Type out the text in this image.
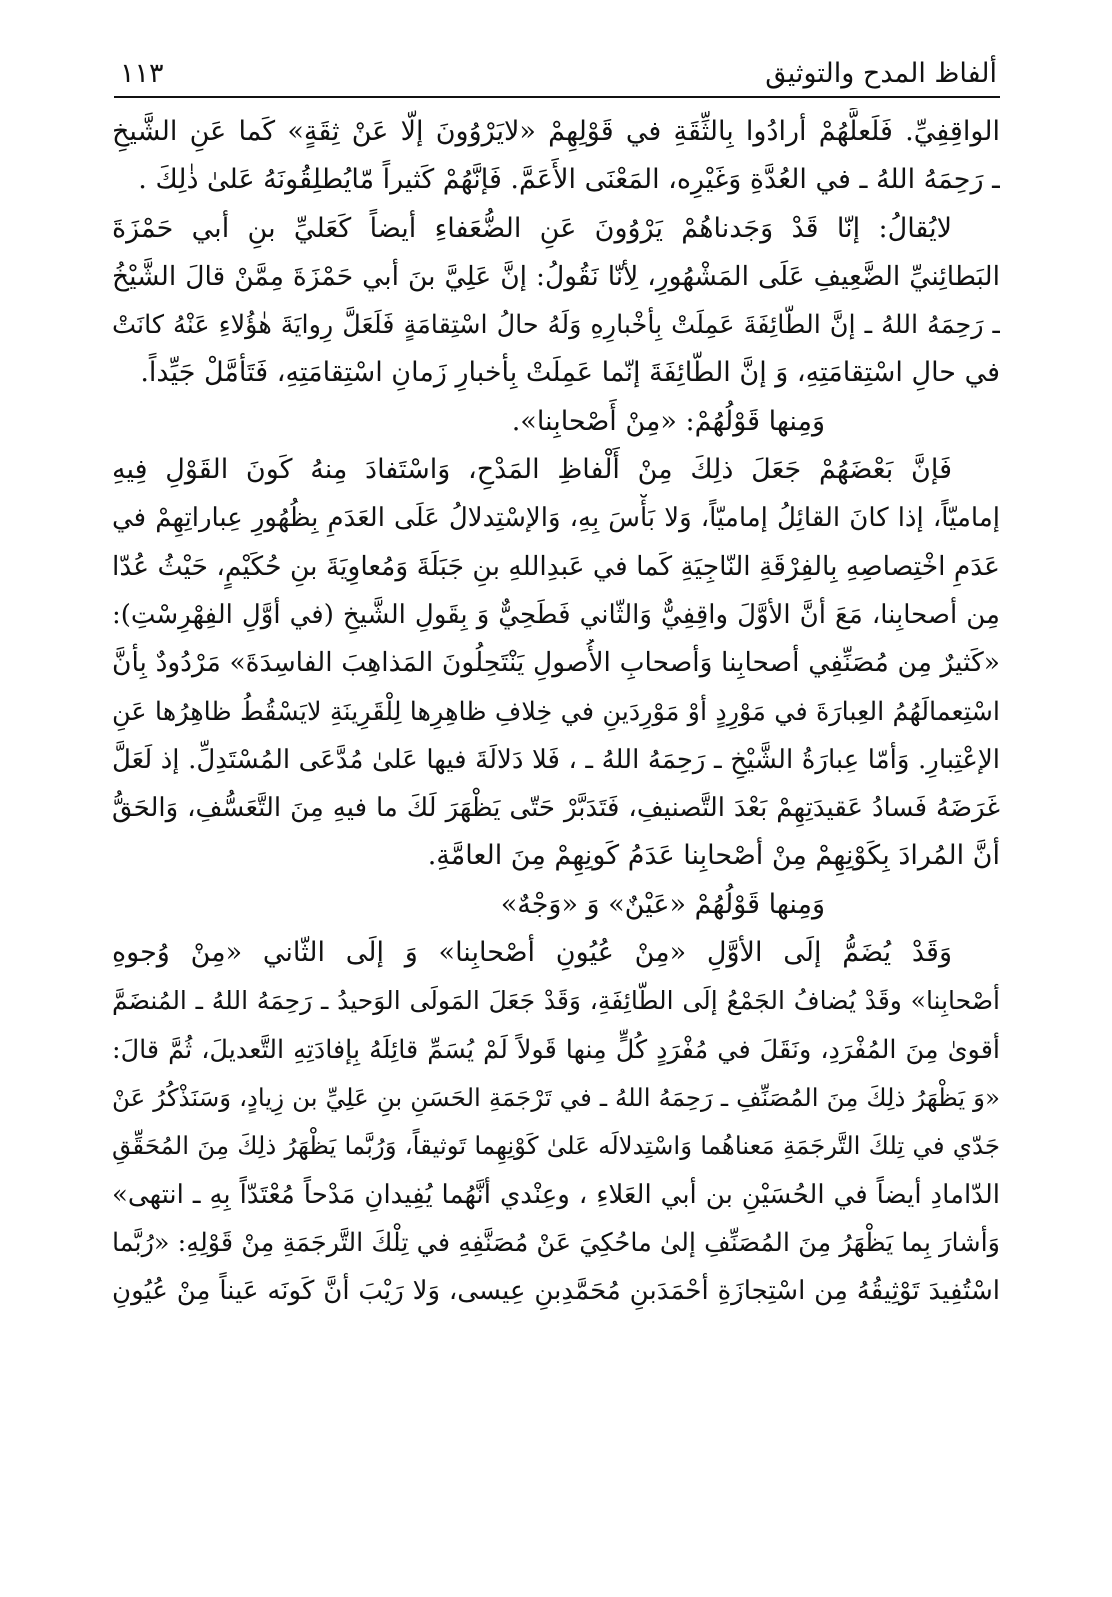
ألفاظ المدح والتوثيق
١١٣
الواقِفِيِّ. فَلَعلَّهُمْ أرادُوا بِالثِّقَةِ في قَوْلِهِمْ «لايَرْوُونَ إلّا عَنْ ثِقَةٍ» كَما عَنِ الشَّيخِ
ـ رَحِمَهُ اللهُ ـ في العُدَّةِ وَغَيْرِه، المَعْنَى الأَعَمَّ. فَإنَّهُمْ كَثيراً مّايُطلِقُونَهُ عَلىٰ ذٰلِكَ .
لايُقالُ: إنّا قَدْ وَجَدناهُمْ يَرْوُونَ عَنِ الضُّعَفاءِ أيضاً كَعَليِّ بنِ أبي حَمْزَةَ
البَطائِنيِّ الضَّعِيفِ عَلَى المَشْهُورِ، لِأنّا نَقُولُ: إنَّ عَلِيَّ بنَ أبي حَمْزَةَ مِمَّنْ قالَ الشَّيْخُ
ـ رَحِمَهُ اللهُ ـ إنَّ الطّائِفَةَ عَمِلَتْ بِأخْبارِهِ وَلَهُ حالُ اسْتِقامَةٍ فَلَعَلَّ رِوايَةَ هٰؤُلاءِ عَنْهُ كانَتْ
في حالِ اسْتِقامَتِهِ، وَ إنَّ الطّائِفَةَ إنّما عَمِلَتْ بِأخبارِ زَمانِ اسْتِقامَتِهِ، فَتَأمَّلْ جَيِّداً.
وَمِنها قَوْلُهُمْ: «مِنْ أَصْحابِنا».
فَإنَّ بَعْضَهُمْ جَعَلَ ذلِكَ مِنْ أَلْفاظِ المَدْحِ، وَاسْتَفادَ مِنهُ كَونَ القَوْلِ فِيهِ
إماميّاً، إذا كانَ القائِلُ إماميّاً، وَلا بَأْسَ بِهِ، وَالإسْتِدلالُ عَلَى العَدَمِ بِظُهُورِ عِباراتِهِمْ في
عَدَمِ اخْتِصاصِهِ بِالفِرْقَةِ النّاجِيَةِ كَما في عَبدِاللهِ بنِ جَبَلَةَ وَمُعاوِيَةَ بنِ حُكَيْمٍ، حَيْثُ عُدّا
مِن أصحابِنا، مَعَ أنَّ الأوَّلَ واقِفِيٌّ وَالثّاني فَطَحِيٌّ وَ بِقَولِ الشَّيخِ (في أوَّلِ الفِهْرِسْتِ):
«كَثيرٌ مِن مُصَنِّفِي أصحابِنا وَأصحابِ الأُصولِ يَنْتَحِلُونَ المَذاهِبَ الفاسِدَةَ» مَرْدُودٌ بِأنَّ
اسْتِعمالَهُمُ العِبارَةَ في مَوْرِدٍ أوْ مَوْرِدَينِ في خِلافِ ظاهِرِها لِلْقَرِينَةِ لايَسْقُطُ ظاهِرُها عَنِ
الإعْتِبارِ. وَأمّا عِبارَةُ الشَّيْخِ ـ رَحِمَهُ اللهُ ـ ، فَلا دَلالَةَ فيها عَلىٰ مُدَّعَى المُسْتَدِلِّ. إذ لَعَلَّ
غَرَضَهُ فَسادُ عَقيدَتِهِمْ بَعْدَ التَّصنيفِ، فَتَدَبَّرْ حَتّى يَظْهَرَ لَكَ ما فيهِ مِنَ التَّعَسُّفِ، وَالحَقُّ
أنَّ المُرادَ بِكَوْنِهِمْ مِنْ أصْحابِنا عَدَمُ كَونِهِمْ مِنَ العامَّةِ.
وَمِنها قَوْلُهُمْ «عَيْنٌ» وَ «وَجْهٌ»
وَقَدْ يُضَمُّ إلَى الأوَّلِ «مِنْ عُيُونِ أصْحابِنا» وَ إلَى الثّاني «مِنْ وُجوهِ
أصْحابِنا» وقَدْ يُضافُ الجَمْعُ إلَى الطّائِفَةِ، وَقَدْ جَعَلَ المَولَى الوَحيدُ ـ رَحِمَهُ اللهُ ـ المُنضَمَّ
أقوىٰ مِنَ المُفْرَدِ، ونَقَلَ في مُفْرَدٍ كُلٍّ مِنها قَولاً لَمْ يُسَمِّ قائِلَهُ بِإفادَتِهِ التَّعديلَ، ثُمَّ قالَ:
«وَ يَظْهَرُ ذلِكَ مِنَ المُصَنِّفِ ـ رَحِمَهُ اللهُ ـ في تَرْجَمَةِ الحَسَنِ بنِ عَلِيِّ بن زِيادٍ، وَسَنَذْكُرُ عَنْ
جَدّي في تِلكَ التَّرجَمَةِ مَعناهُما وَاسْتِدلالَه عَلىٰ كَوْنِهِما تَوثيقاً، وَرُبَّما يَظْهَرُ ذلِكَ مِنَ المُحَقِّقِ
الدّامادِ أيضاً في الحُسَيْنِ بن أبي العَلاءِ ، وعِنْدي أنَّهُما يُفِيدانِ مَدْحاً مُعْتَدّاً بِهِ ـ انتهى»
وَأشارَ بِما يَظْهَرُ مِنَ المُصَنِّفِ إلىٰ ماحُكِيَ عَنْ مُصَنَّفِهِ في تِلْكَ التَّرجَمَةِ مِنْ قَوْلِهِ: «رُبَّما
اسْتُفِيدَ تَوْثِيقُهُ مِن اسْتِجازَةِ أحْمَدَبنِ مُحَمَّدِبنِ عِيسى، وَلا رَيْبَ أنَّ كَونَه عَيناً مِنْ عُيُونِ
